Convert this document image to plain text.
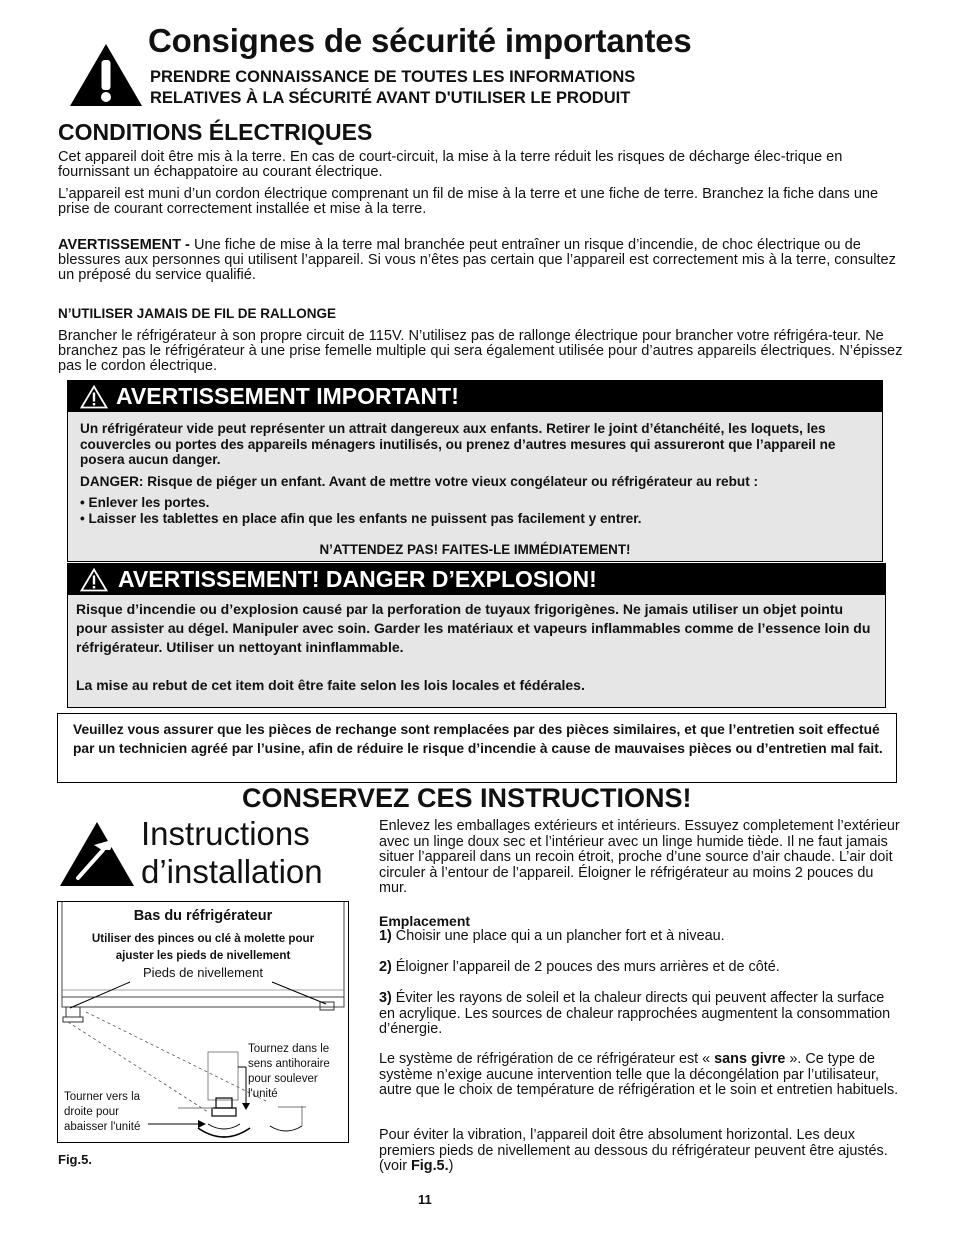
Consignes de sécurité importantes
PRENDRE CONNAISSANCE DE TOUTES LES INFORMATIONS
RELATIVES À LA SÉCURITÉ AVANT D'UTILISER LE PRODUIT
CONDITIONS ÉLECTRIQUES

Cet appareil doit être mis à la terre. En cas de court-circuit, la mise à la terre réduit les risques de décharge élec-trique en fournissant un échappatoire au courant électrique.

L’appareil est muni d’un cordon électrique comprenant un fil de mise à la terre et une fiche de terre. Branchez la fiche dans une prise de courant correctement installée et mise à la terre.

AVERTISSEMENT - Une fiche de mise à la terre mal branchée peut entraîner un risque d’incendie, de choc électrique ou de blessures aux personnes qui utilisent l’appareil. Si vous n’êtes pas certain que l’appareil est correctement mis à la terre, consultez un préposé du service qualifié.

N’UTILISER JAMAIS DE FIL DE RALLONGE

Brancher le réfrigérateur à son propre circuit de 115V. N’utilisez pas de rallonge électrique pour brancher votre réfrigéra-teur. Ne branchez pas le réfrigérateur à une prise femelle multiple qui sera également utilisée pour d’autres appareils électriques. N’épissez pas le cordon électrique.

AVERTISSEMENT IMPORTANT!

Un réfrigérateur vide peut représenter un attrait dangereux aux enfants. Retirer le joint d’étanchéité, les loquets, les couvercles ou portes des appareils ménagers inutilisés, ou prenez d’autres mesures qui assureront que l’appareil ne posera aucun danger.

DANGER: Risque de piéger un enfant. Avant de mettre votre vieux congélateur ou réfrigérateur au rebut :

• Enlever les portes.
• Laisser les tablettes en place afin que les enfants ne puissent pas facilement y entrer.
N’ATTENDEZ PAS! FAITES-LE IMMÉDIATEMENT!
AVERTISSEMENT! DANGER D’EXPLOSION!

Risque d’incendie ou d’explosion causé par la perforation de tuyaux frigorigènes. Ne jamais utiliser un objet pointu pour assister au dégel. Manipuler avec soin. Garder les matériaux et vapeurs inflammables comme de l’essence loin du réfrigérateur. Utiliser un nettoyant ininflammable.

La mise au rebut de cet item doit être faite selon les lois locales et fédérales.

Veuillez vous assurer que les pièces de rechange sont remplacées par des pièces similaires, et que l’entretien soit effectué par un technicien agréé par l’usine, afin de réduire le risque d’incendie à cause de mauvaises pièces ou d’entretien mal fait.

CONSERVEZ CES INSTRUCTIONS!
Instructions
d’installation
Bas du réfrigérateur
Utiliser des pinces ou clé à molette pour
ajuster les pieds de nivellement
Pieds de nivellement
Tournez dans le
sens antihoraire
pour soulever
l'unité
Tourner vers la
droite pour
abaisser l'unité
Fig.5.

Enlevez les emballages extérieurs et intérieurs. Essuyez completement l’extérieur avec un linge doux sec et l’intérieur avec un linge humide tiède. Il ne faut jamais situer l’appareil dans un recoin étroit, proche d’une source d’air chaude. L’air doit circuler à l’entour de l’appareil. Éloigner le réfrigérateur au moins 2 pouces du mur.

Emplacement

1) Choisir une place qui a un plancher fort et à niveau.

2) Éloigner l’appareil de 2 pouces des murs arrières et de côté.

3) Éviter les rayons de soleil et la chaleur directs qui peuvent affecter la surface en acrylique. Les sources de chaleur rapprochées augmentent la consommation d’énergie.

Le système de réfrigération de ce réfrigérateur est « sans givre ». Ce type de système n’exige aucune intervention telle que la décongélation par l’utilisateur, autre que le choix de température de réfrigération et le soin et entretien habituels.

Pour éviter la vibration, l’appareil doit être absolument horizontal. Les deux premiers pieds de nivellement au dessous du réfrigérateur peuvent être ajustés. (voir Fig.5.)

11
